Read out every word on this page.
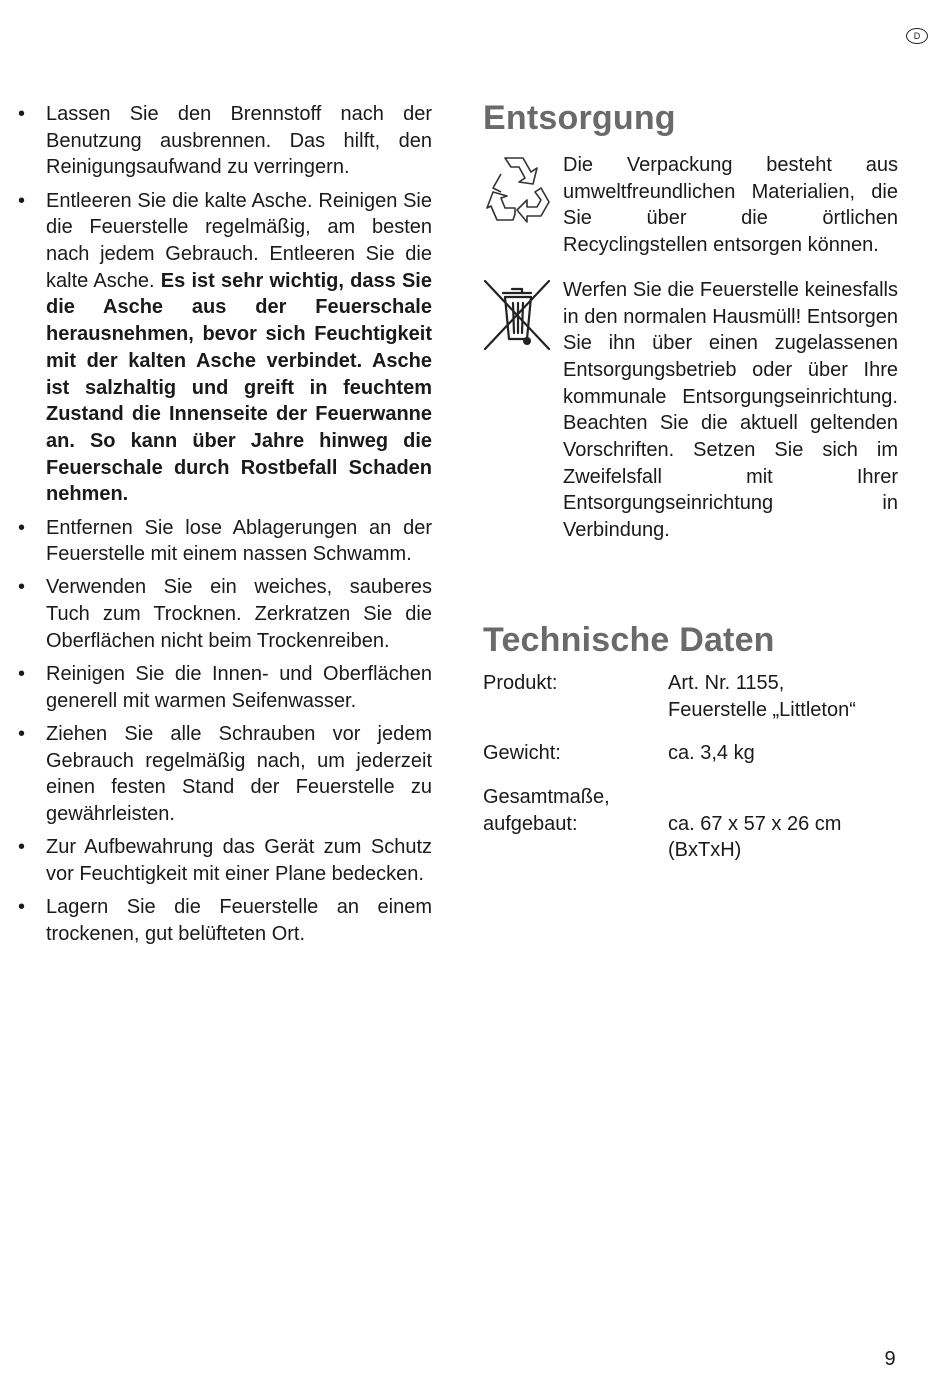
D
•	Lassen Sie den Brennstoff nach der Benutzung ausbrennen. Das hilft, den Reinigungsaufwand zu verringern.
•	Entleeren Sie die kalte Asche. Reinigen Sie die Feuerstelle regelmäßig, am besten nach jedem Gebrauch. Entleeren Sie die kalte Asche. Es ist sehr wichtig, dass Sie die Asche aus der Feuerschale herausnehmen, bevor sich Feuchtigkeit mit der kalten Asche verbindet. Asche ist salzhaltig und greift in feuchtem Zustand die Innenseite der Feuerwanne an. So kann über Jahre hinweg die Feuerschale durch Rostbefall Schaden nehmen.
•	Entfernen Sie lose Ablagerungen an der Feuerstelle mit einem nassen Schwamm.
•	Verwenden Sie ein weiches, sauberes Tuch zum Trocknen. Zerkratzen Sie die Oberflächen nicht beim Trockenreiben.
•	Reinigen Sie die Innen- und Oberflächen generell mit warmen Seifenwasser.
•	Ziehen Sie alle Schrauben vor jedem Gebrauch regelmäßig nach, um jederzeit einen festen Stand der Feuerstelle zu gewährleisten.
•	Zur Aufbewahrung das Gerät zum Schutz vor Feuchtigkeit mit einer Plane bedecken.
•	Lagern Sie die Feuerstelle an einem trockenen, gut belüfteten Ort.
Entsorgung

Die Verpackung besteht aus umweltfreundlichen Materialien, die Sie über die örtlichen Recyclingstellen entsorgen können.

Werfen Sie die Feuerstelle keinesfalls in den normalen Hausmüll! Entsorgen Sie ihn über einen zugelassenen Entsorgungsbetrieb oder über Ihre kommunale Entsorgungseinrichtung. Beachten Sie die aktuell geltenden Vorschriften. Setzen Sie sich im Zweifelsfall mit Ihrer Entsorgungseinrichtung in Verbindung.

Technische Daten
Produkt:	Art. Nr. 1155,
Feuerstelle „Littleton“
Gewicht:	ca. 3,4 kg
Gesamtmaße,
aufgebaut:	
ca. 67 x 57 x 26 cm
(BxTxH)
9
